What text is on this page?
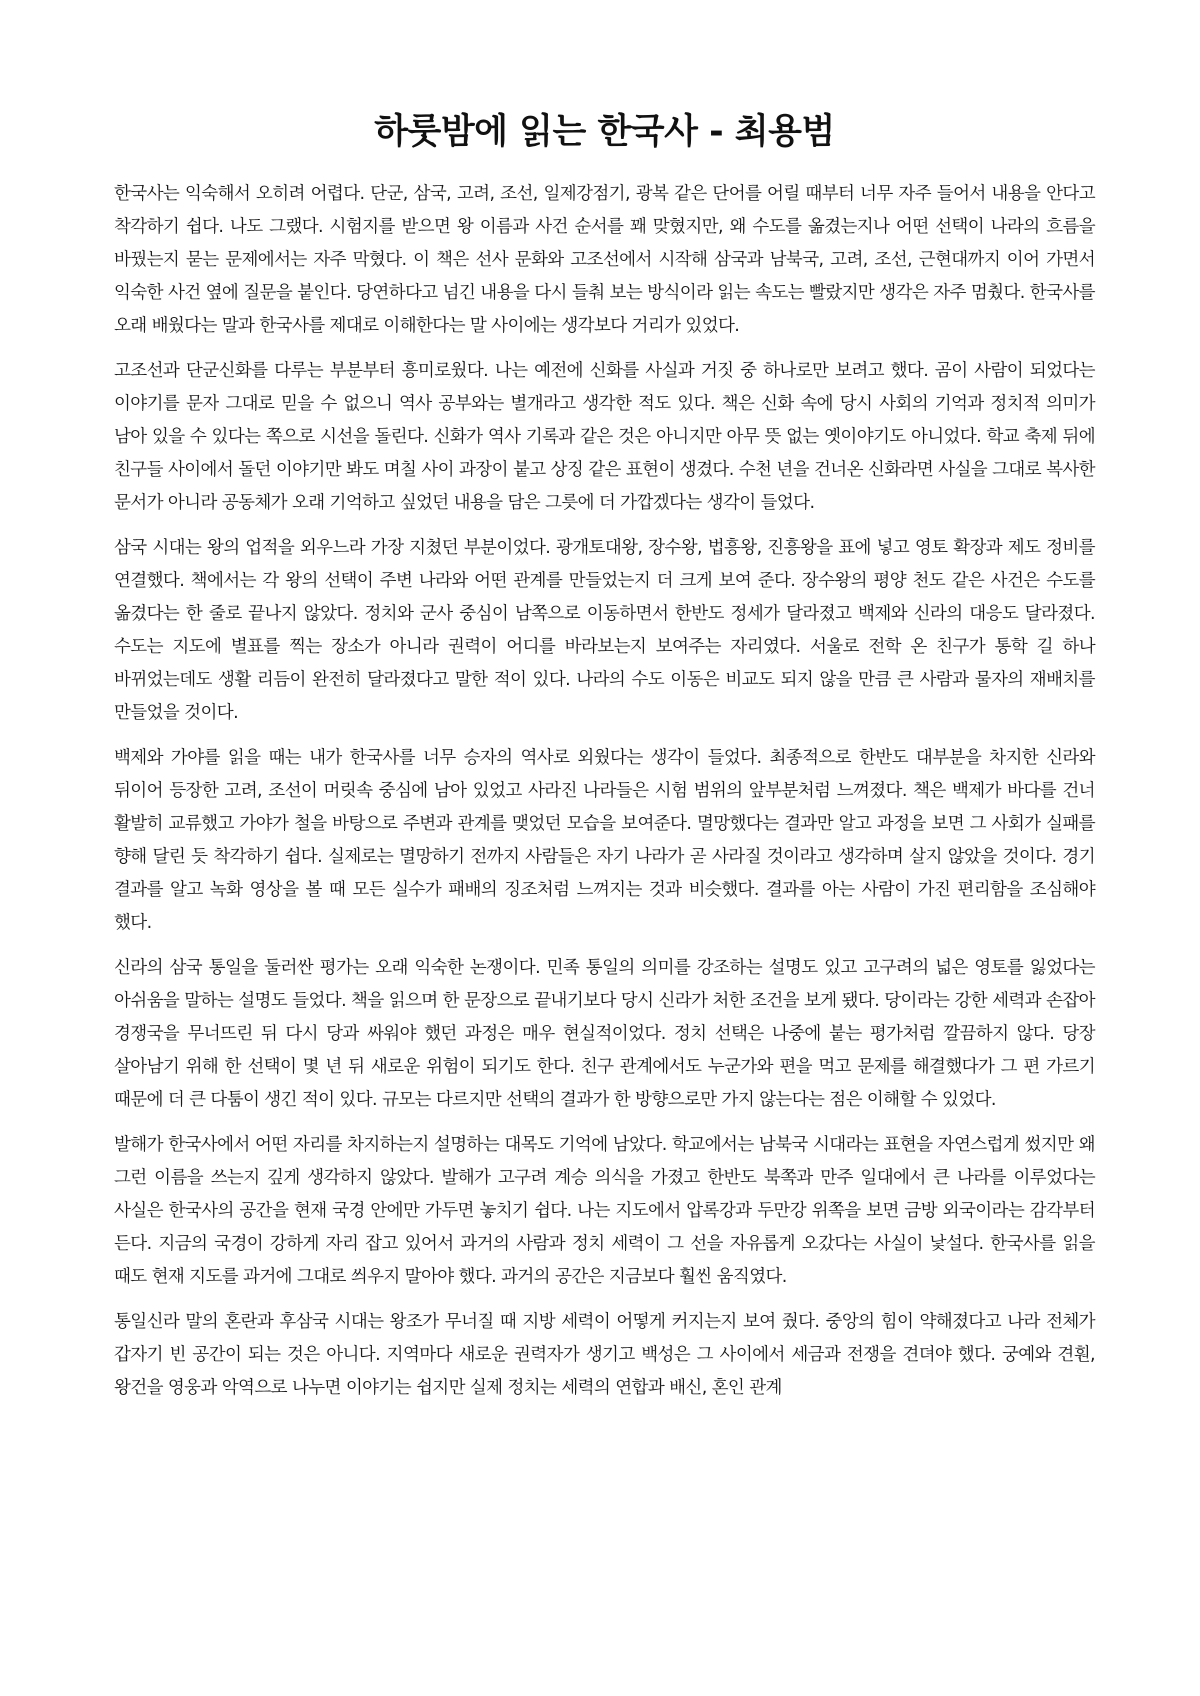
하룻밤에 읽는 한국사 - 최용범

한국사는 익숙해서 오히려 어렵다. 단군, 삼국, 고려, 조선, 일제강점기, 광복 같은 단어를 어릴 때부터 너무 자주 들어서 내용을 안다고 착각하기 쉽다. 나도 그랬다. 시험지를 받으면 왕 이름과 사건 순서를 꽤 맞혔지만, 왜 수도를 옮겼는지나 어떤 선택이 나라의 흐름을 바꿨는지 묻는 문제에서는 자주 막혔다. 이 책은 선사 문화와 고조선에서 시작해 삼국과 남북국, 고려, 조선, 근현대까지 이어 가면서 익숙한 사건 옆에 질문을 붙인다. 당연하다고 넘긴 내용을 다시 들춰 보는 방식이라 읽는 속도는 빨랐지만 생각은 자주 멈췄다. 한국사를 오래 배웠다는 말과 한국사를 제대로 이해한다는 말 사이에는 생각보다 거리가 있었다.

고조선과 단군신화를 다루는 부분부터 흥미로웠다. 나는 예전에 신화를 사실과 거짓 중 하나로만 보려고 했다. 곰이 사람이 되었다는 이야기를 문자 그대로 믿을 수 없으니 역사 공부와는 별개라고 생각한 적도 있다. 책은 신화 속에 당시 사회의 기억과 정치적 의미가 남아 있을 수 있다는 쪽으로 시선을 돌린다. 신화가 역사 기록과 같은 것은 아니지만 아무 뜻 없는 옛이야기도 아니었다. 학교 축제 뒤에 친구들 사이에서 돌던 이야기만 봐도 며칠 사이 과장이 붙고 상징 같은 표현이 생겼다. 수천 년을 건너온 신화라면 사실을 그대로 복사한 문서가 아니라 공동체가 오래 기억하고 싶었던 내용을 담은 그릇에 더 가깝겠다는 생각이 들었다.

삼국 시대는 왕의 업적을 외우느라 가장 지쳤던 부분이었다. 광개토대왕, 장수왕, 법흥왕, 진흥왕을 표에 넣고 영토 확장과 제도 정비를 연결했다. 책에서는 각 왕의 선택이 주변 나라와 어떤 관계를 만들었는지 더 크게 보여 준다. 장수왕의 평양 천도 같은 사건은 수도를 옮겼다는 한 줄로 끝나지 않았다. 정치와 군사 중심이 남쪽으로 이동하면서 한반도 정세가 달라졌고 백제와 신라의 대응도 달라졌다. 수도는 지도에 별표를 찍는 장소가 아니라 권력이 어디를 바라보는지 보여주는 자리였다. 서울로 전학 온 친구가 통학 길 하나 바뀌었는데도 생활 리듬이 완전히 달라졌다고 말한 적이 있다. 나라의 수도 이동은 비교도 되지 않을 만큼 큰 사람과 물자의 재배치를 만들었을 것이다.

백제와 가야를 읽을 때는 내가 한국사를 너무 승자의 역사로 외웠다는 생각이 들었다. 최종적으로 한반도 대부분을 차지한 신라와 뒤이어 등장한 고려, 조선이 머릿속 중심에 남아 있었고 사라진 나라들은 시험 범위의 앞부분처럼 느껴졌다. 책은 백제가 바다를 건너 활발히 교류했고 가야가 철을 바탕으로 주변과 관계를 맺었던 모습을 보여준다. 멸망했다는 결과만 알고 과정을 보면 그 사회가 실패를 향해 달린 듯 착각하기 쉽다. 실제로는 멸망하기 전까지 사람들은 자기 나라가 곧 사라질 것이라고 생각하며 살지 않았을 것이다. 경기 결과를 알고 녹화 영상을 볼 때 모든 실수가 패배의 징조처럼 느껴지는 것과 비슷했다. 결과를 아는 사람이 가진 편리함을 조심해야 했다.

신라의 삼국 통일을 둘러싼 평가는 오래 익숙한 논쟁이다. 민족 통일의 의미를 강조하는 설명도 있고 고구려의 넓은 영토를 잃었다는 아쉬움을 말하는 설명도 들었다. 책을 읽으며 한 문장으로 끝내기보다 당시 신라가 처한 조건을 보게 됐다. 당이라는 강한 세력과 손잡아 경쟁국을 무너뜨린 뒤 다시 당과 싸워야 했던 과정은 매우 현실적이었다. 정치 선택은 나중에 붙는 평가처럼 깔끔하지 않다. 당장 살아남기 위해 한 선택이 몇 년 뒤 새로운 위험이 되기도 한다. 친구 관계에서도 누군가와 편을 먹고 문제를 해결했다가 그 편 가르기 때문에 더 큰 다툼이 생긴 적이 있다. 규모는 다르지만 선택의 결과가 한 방향으로만 가지 않는다는 점은 이해할 수 있었다.

발해가 한국사에서 어떤 자리를 차지하는지 설명하는 대목도 기억에 남았다. 학교에서는 남북국 시대라는 표현을 자연스럽게 썼지만 왜 그런 이름을 쓰는지 깊게 생각하지 않았다. 발해가 고구려 계승 의식을 가졌고 한반도 북쪽과 만주 일대에서 큰 나라를 이루었다는 사실은 한국사의 공간을 현재 국경 안에만 가두면 놓치기 쉽다. 나는 지도에서 압록강과 두만강 위쪽을 보면 금방 외국이라는 감각부터 든다. 지금의 국경이 강하게 자리 잡고 있어서 과거의 사람과 정치 세력이 그 선을 자유롭게 오갔다는 사실이 낯설다. 한국사를 읽을 때도 현재 지도를 과거에 그대로 씌우지 말아야 했다. 과거의 공간은 지금보다 훨씬 움직였다.

통일신라 말의 혼란과 후삼국 시대는 왕조가 무너질 때 지방 세력이 어떻게 커지는지 보여 줬다. 중앙의 힘이 약해졌다고 나라 전체가 갑자기 빈 공간이 되는 것은 아니다. 지역마다 새로운 권력자가 생기고 백성은 그 사이에서 세금과 전쟁을 견뎌야 했다. 궁예와 견훤, 왕건을 영웅과 악역으로 나누면 이야기는 쉽지만 실제 정치는 세력의 연합과 배신, 혼인 관계
